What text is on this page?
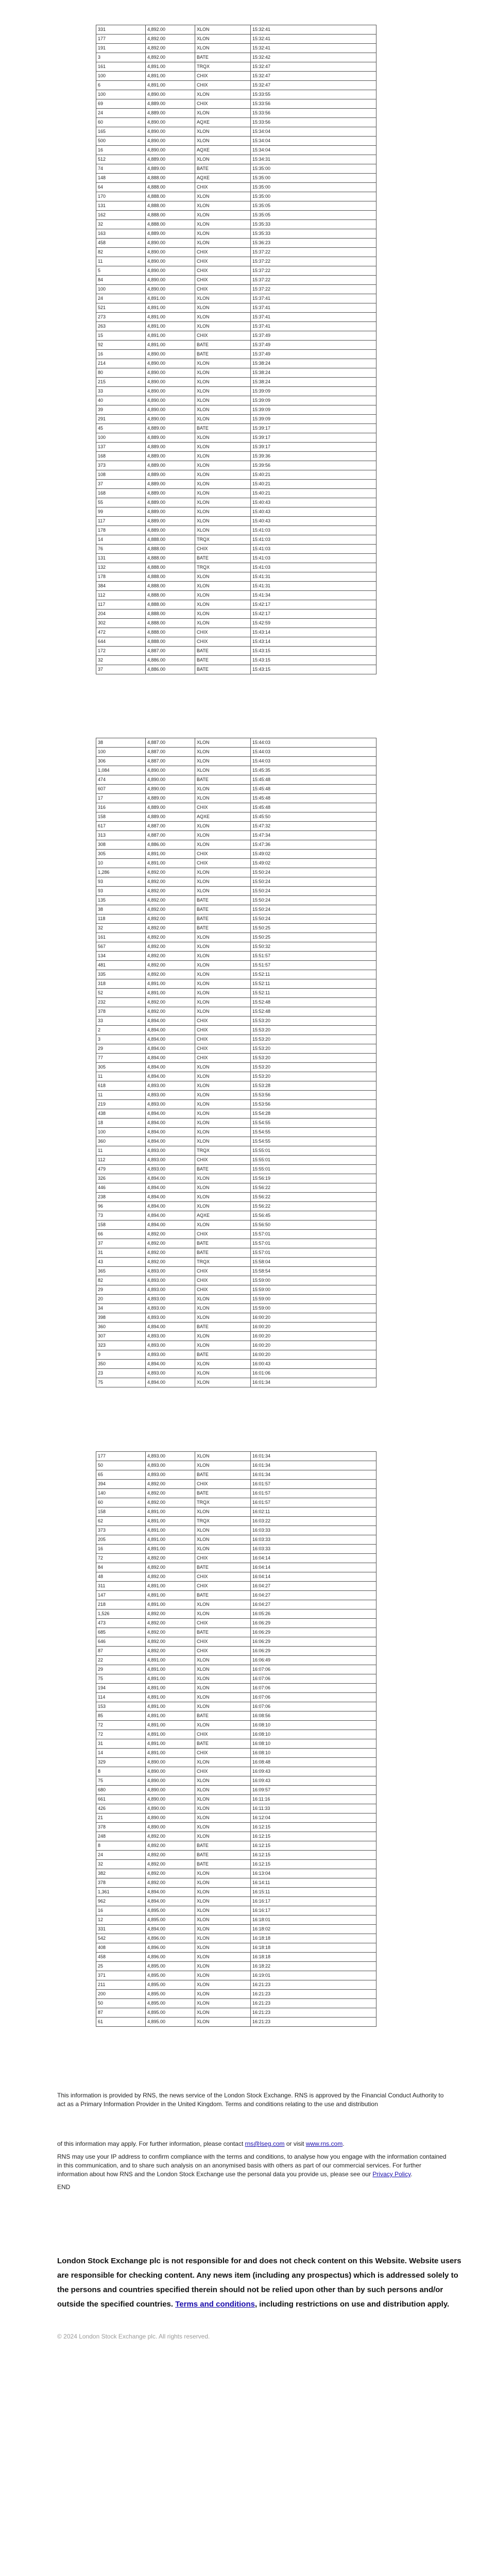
331	4,892.00	XLON	15:32:41
177	4,892.00	XLON	15:32:41
191	4,892.00	XLON	15:32:41
3	4,892.00	BATE	15:32:42
161	4,891.00	TRQX	15:32:47
100	4,891.00	CHIX	15:32:47
6	4,891.00	CHIX	15:32:47
100	4,890.00	XLON	15:33:55
69	4,889.00	CHIX	15:33:56
24	4,889.00	XLON	15:33:56
60	4,890.00	AQXE	15:33:56
165	4,890.00	XLON	15:34:04
500	4,890.00	XLON	15:34:04
16	4,890.00	AQXE	15:34:04
512	4,889.00	XLON	15:34:31
74	4,889.00	BATE	15:35:00
148	4,888.00	AQXE	15:35:00
64	4,888.00	CHIX	15:35:00
170	4,888.00	XLON	15:35:00
131	4,888.00	XLON	15:35:05
162	4,888.00	XLON	15:35:05
32	4,888.00	XLON	15:35:33
163	4,889.00	XLON	15:35:33
458	4,890.00	XLON	15:36:23
82	4,890.00	CHIX	15:37:22
11	4,890.00	CHIX	15:37:22
5	4,890.00	CHIX	15:37:22
84	4,890.00	CHIX	15:37:22
100	4,890.00	CHIX	15:37:22
24	4,891.00	XLON	15:37:41
521	4,891.00	XLON	15:37:41
273	4,891.00	XLON	15:37:41
263	4,891.00	XLON	15:37:41
15	4,891.00	CHIX	15:37:49
92	4,891.00	BATE	15:37:49
16	4,890.00	BATE	15:37:49
214	4,890.00	XLON	15:38:24
80	4,890.00	XLON	15:38:24
215	4,890.00	XLON	15:38:24
33	4,890.00	XLON	15:39:09
40	4,890.00	XLON	15:39:09
39	4,890.00	XLON	15:39:09
291	4,890.00	XLON	15:39:09
45	4,889.00	BATE	15:39:17
100	4,889.00	XLON	15:39:17
137	4,889.00	XLON	15:39:17
168	4,889.00	XLON	15:39:36
373	4,889.00	XLON	15:39:56
108	4,889.00	XLON	15:40:21
37	4,889.00	XLON	15:40:21
168	4,889.00	XLON	15:40:21
55	4,889.00	XLON	15:40:43
99	4,889.00	XLON	15:40:43
117	4,889.00	XLON	15:40:43
178	4,889.00	XLON	15:41:03
14	4,888.00	TRQX	15:41:03
76	4,888.00	CHIX	15:41:03
131	4,888.00	BATE	15:41:03
132	4,888.00	TRQX	15:41:03
178	4,888.00	XLON	15:41:31
384	4,888.00	XLON	15:41:31
112	4,888.00	XLON	15:41:34
117	4,888.00	XLON	15:42:17
204	4,888.00	XLON	15:42:17
302	4,888.00	XLON	15:42:59
472	4,888.00	CHIX	15:43:14
644	4,888.00	CHIX	15:43:14
172	4,887.00	BATE	15:43:15
32	4,886.00	BATE	15:43:15
37	4,886.00	BATE	15:43:15
38	4,887.00	XLON	15:44:03
100	4,887.00	XLON	15:44:03
306	4,887.00	XLON	15:44:03
1,084	4,890.00	XLON	15:45:35
474	4,890.00	BATE	15:45:48
607	4,890.00	XLON	15:45:48
17	4,889.00	XLON	15:45:48
316	4,889.00	CHIX	15:45:48
158	4,889.00	AQXE	15:45:50
617	4,887.00	XLON	15:47:32
313	4,887.00	XLON	15:47:34
308	4,886.00	XLON	15:47:36
305	4,891.00	CHIX	15:49:02
10	4,891.00	CHIX	15:49:02
1,286	4,892.00	XLON	15:50:24
93	4,892.00	XLON	15:50:24
93	4,892.00	XLON	15:50:24
135	4,892.00	BATE	15:50:24
38	4,892.00	BATE	15:50:24
118	4,892.00	BATE	15:50:24
32	4,892.00	BATE	15:50:25
161	4,892.00	XLON	15:50:25
567	4,892.00	XLON	15:50:32
134	4,892.00	XLON	15:51:57
481	4,892.00	XLON	15:51:57
335	4,892.00	XLON	15:52:11
318	4,891.00	XLON	15:52:11
52	4,891.00	XLON	15:52:11
232	4,892.00	XLON	15:52:48
378	4,892.00	XLON	15:52:48
33	4,894.00	CHIX	15:53:20
2	4,894.00	CHIX	15:53:20
3	4,894.00	CHIX	15:53:20
29	4,894.00	CHIX	15:53:20
77	4,894.00	CHIX	15:53:20
305	4,894.00	XLON	15:53:20
11	4,894.00	XLON	15:53:20
618	4,893.00	XLON	15:53:28
11	4,893.00	XLON	15:53:56
219	4,893.00	XLON	15:53:56
438	4,894.00	XLON	15:54:28
18	4,894.00	XLON	15:54:55
100	4,894.00	XLON	15:54:55
360	4,894.00	XLON	15:54:55
11	4,893.00	TRQX	15:55:01
112	4,893.00	CHIX	15:55:01
479	4,893.00	BATE	15:55:01
326	4,894.00	XLON	15:56:19
446	4,894.00	XLON	15:56:22
238	4,894.00	XLON	15:56:22
96	4,894.00	XLON	15:56:22
73	4,894.00	AQXE	15:56:45
158	4,894.00	XLON	15:56:50
66	4,892.00	CHIX	15:57:01
37	4,892.00	BATE	15:57:01
31	4,892.00	BATE	15:57:01
43	4,892.00	TRQX	15:58:04
365	4,893.00	CHIX	15:58:54
82	4,893.00	CHIX	15:59:00
29	4,893.00	CHIX	15:59:00
20	4,893.00	XLON	15:59:00
34	4,893.00	XLON	15:59:00
398	4,893.00	XLON	16:00:20
360	4,894.00	BATE	16:00:20
307	4,893.00	XLON	16:00:20
323	4,893.00	XLON	16:00:20
9	4,893.00	BATE	16:00:20
350	4,894.00	XLON	16:00:43
23	4,893.00	XLON	16:01:06
75	4,894.00	XLON	16:01:34
177	4,893.00	XLON	16:01:34
50	4,893.00	XLON	16:01:34
65	4,893.00	BATE	16:01:34
394	4,892.00	CHIX	16:01:57
140	4,892.00	BATE	16:01:57
60	4,892.00	TRQX	16:01:57
158	4,891.00	XLON	16:02:11
62	4,891.00	TRQX	16:03:22
373	4,891.00	XLON	16:03:33
205	4,891.00	XLON	16:03:33
16	4,891.00	XLON	16:03:33
72	4,892.00	CHIX	16:04:14
84	4,892.00	BATE	16:04:14
48	4,892.00	CHIX	16:04:14
311	4,891.00	CHIX	16:04:27
147	4,891.00	BATE	16:04:27
218	4,891.00	XLON	16:04:27
1,526	4,892.00	XLON	16:05:26
473	4,892.00	CHIX	16:06:29
685	4,892.00	BATE	16:06:29
646	4,892.00	CHIX	16:06:29
87	4,892.00	CHIX	16:06:29
22	4,891.00	XLON	16:06:49
29	4,891.00	XLON	16:07:06
75	4,891.00	XLON	16:07:06
194	4,891.00	XLON	16:07:06
114	4,891.00	XLON	16:07:06
153	4,891.00	XLON	16:07:06
85	4,891.00	BATE	16:08:56
72	4,891.00	XLON	16:08:10
72	4,891.00	CHIX	16:08:10
31	4,891.00	BATE	16:08:10
14	4,891.00	CHIX	16:08:10
329	4,890.00	XLON	16:08:48
8	4,890.00	CHIX	16:09:43
75	4,890.00	XLON	16:09:43
680	4,890.00	XLON	16:09:57
661	4,890.00	XLON	16:11:16
426	4,890.00	XLON	16:11:33
21	4,890.00	XLON	16:12:04
378	4,890.00	XLON	16:12:15
248	4,892.00	XLON	16:12:15
8	4,892.00	BATE	16:12:15
24	4,892.00	BATE	16:12:15
32	4,892.00	BATE	16:12:15
382	4,892.00	XLON	16:13:04
378	4,892.00	XLON	16:14:11
1,361	4,894.00	XLON	16:15:11
962	4,894.00	XLON	16:16:17
16	4,895.00	XLON	16:16:17
12	4,895.00	XLON	16:18:01
331	4,894.00	XLON	16:18:02
542	4,896.00	XLON	16:18:18
408	4,896.00	XLON	16:18:18
458	4,896.00	XLON	16:18:18
25	4,895.00	XLON	16:18:22
371	4,895.00	XLON	16:19:01
211	4,895.00	XLON	16:21:23
200	4,895.00	XLON	16:21:23
50	4,895.00	XLON	16:21:23
87	4,895.00	XLON	16:21:23
61	4,895.00	XLON	16:21:23

This information is provided by RNS, the news service of the London Stock Exchange. RNS is approved by the Financial Conduct Authority to act as a Primary Information Provider in the United Kingdom. Terms and conditions relating to the use and distribution

of this information may apply. For further information, please contact rns@lseg.com or visit www.rns.com.

RNS may use your IP address to confirm compliance with the terms and conditions, to analyse how you engage with the information contained in this communication, and to share such analysis on an anonymised basis with others as part of our commercial services. For further information about how RNS and the London Stock Exchange use the personal data you provide us, please see our Privacy Policy.

END

London Stock Exchange plc is not responsible for and does not check content on this Website. Website users are responsible for checking content. Any news item (including any prospectus) which is addressed solely to the persons and countries specified therein should not be relied upon other than by such persons and/or outside the specified countries. Terms and conditions, including restrictions on use and distribution apply.
© 2024 London Stock Exchange plc. All rights reserved.
